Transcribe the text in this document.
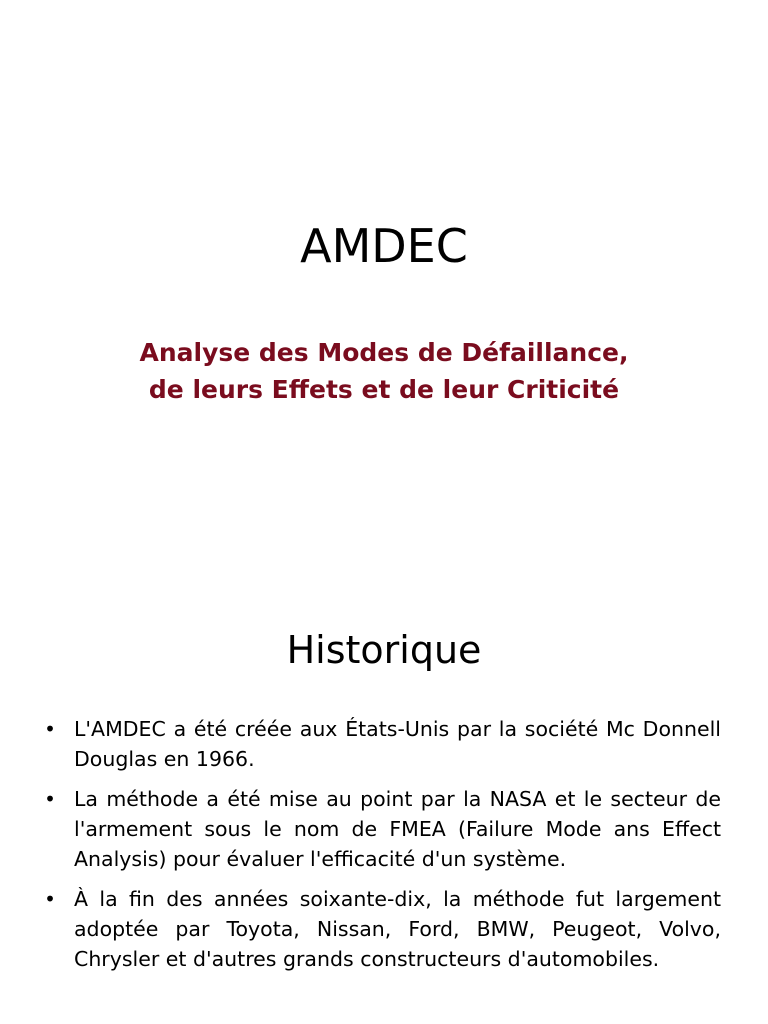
AMDEC
Analyse des Modes de Défaillance,
de leurs Effets et de leur Criticité
Historique
• L'AMDEC a été créée aux États-Unis par la société Mc Donnell Douglas en 1966.
• La méthode a été mise au point par la NASA et le secteur de l'armement sous le nom de FMEA (Failure Mode ans Effect Analysis) pour évaluer l'efficacité d'un système.
• À la fin des années soixante-dix, la méthode fut largement adoptée par Toyota, Nissan, Ford, BMW, Peugeot, Volvo, Chrysler et d'autres grands constructeurs d'automobiles.
